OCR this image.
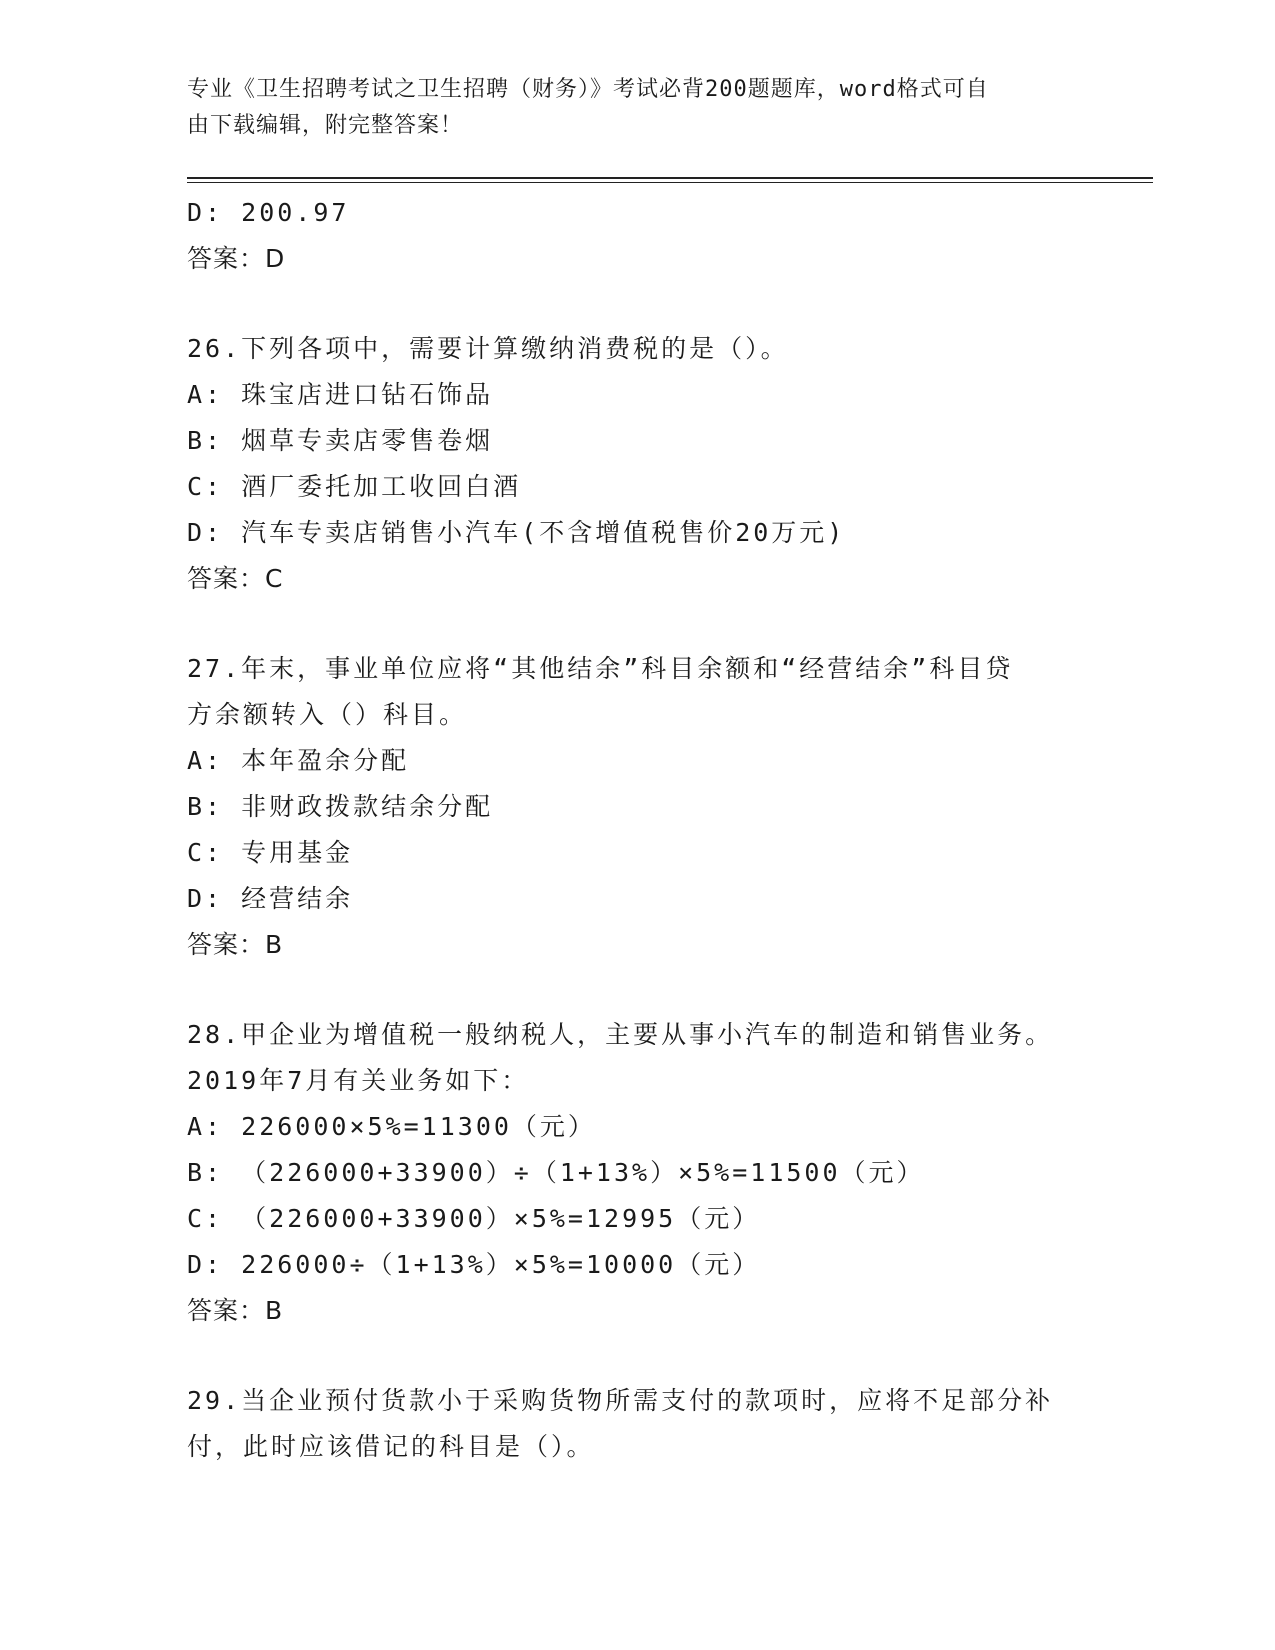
专业《卫生招聘考试之卫生招聘（财务）》考试必背200题题库，word格式可自
由下载编辑，附完整答案！
D: 200.97
答案：D
26.下列各项中，需要计算缴纳消费税的是（）。
A: 珠宝店进口钻石饰品
B: 烟草专卖店零售卷烟
C: 酒厂委托加工收回白酒
D: 汽车专卖店销售小汽车(不含增值税售价20万元)
答案：C
27.年末，事业单位应将“其他结余”科目余额和“经营结余”科目贷
方余额转入（）科目。
A: 本年盈余分配
B: 非财政拨款结余分配
C: 专用基金
D: 经营结余
答案：B
28.甲企业为增值税一般纳税人，主要从事小汽车的制造和销售业务。
2019年7月有关业务如下：
A: 226000×5%=11300（元）
B: （226000+33900）÷（1+13%）×5%=11500（元）
C: （226000+33900）×5%=12995（元）
D: 226000÷（1+13%）×5%=10000（元）
答案：B
29.当企业预付货款小于采购货物所需支付的款项时，应将不足部分补
付，此时应该借记的科目是（）。
